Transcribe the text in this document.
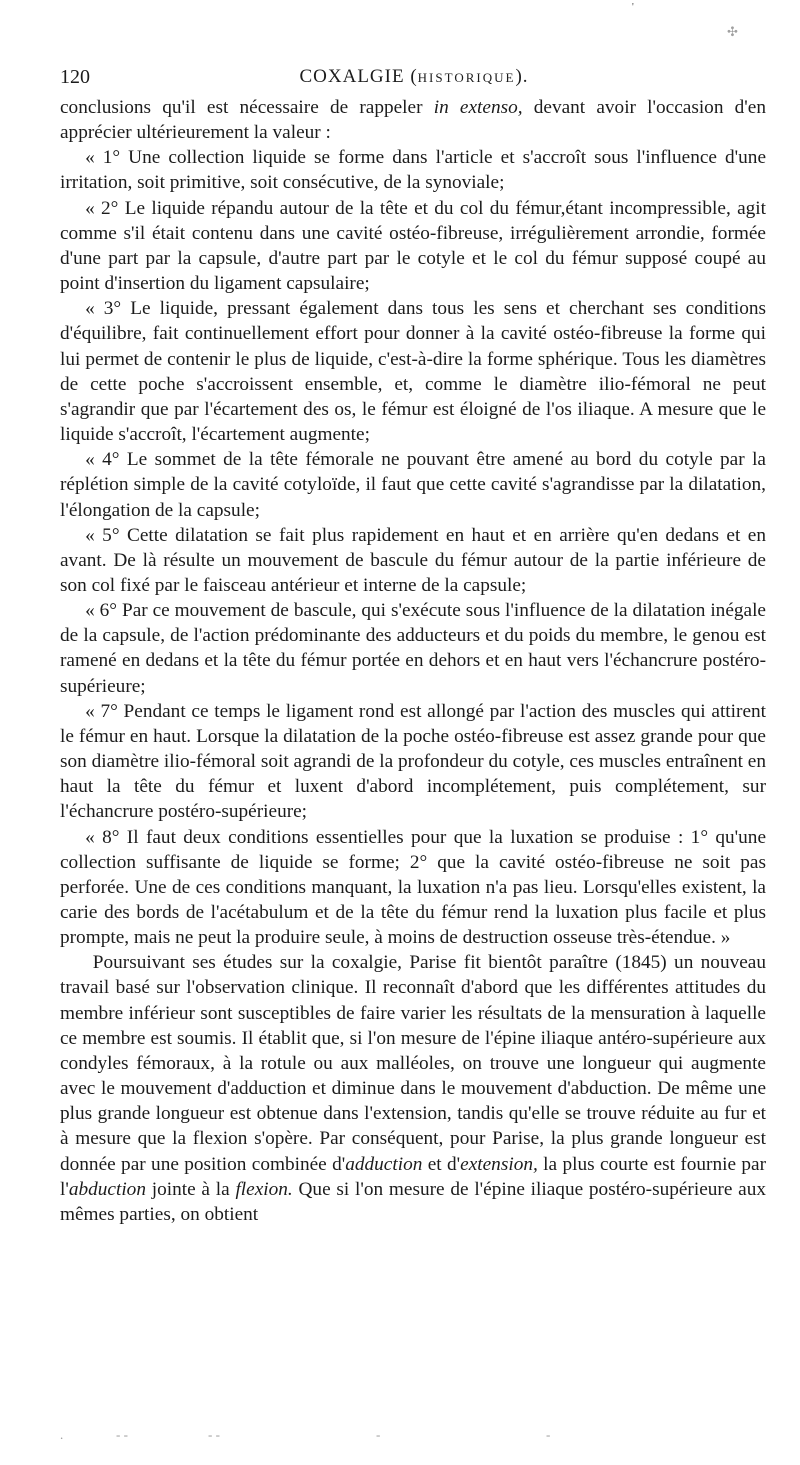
'
✣
120	COXALGIE (HISTORIQUE).

conclusions qu'il est nécessaire de rappeler in extenso, devant avoir l'occasion d'en apprécier ultérieurement la valeur :

« 1° Une collection liquide se forme dans l'article et s'accroît sous l'influence d'une irritation, soit primitive, soit consécutive, de la synoviale;

« 2° Le liquide répandu autour de la tête et du col du fémur,étant incompressible, agit comme s'il était contenu dans une cavité ostéo-fibreuse, irrégulièrement arrondie, formée d'une part par la capsule, d'autre part par le cotyle et le col du fémur supposé coupé au point d'insertion du ligament capsulaire;

« 3° Le liquide, pressant également dans tous les sens et cherchant ses conditions d'équilibre, fait continuellement effort pour donner à la cavité ostéo-fibreuse la forme qui lui permet de contenir le plus de liquide, c'est-à-dire la forme sphérique. Tous les diamètres de cette poche s'accroissent ensemble, et, comme le diamètre ilio-fémoral ne peut s'agrandir que par l'écartement des os, le fémur est éloigné de l'os iliaque. A mesure que le liquide s'accroît, l'écartement augmente;

« 4° Le sommet de la tête fémorale ne pouvant être amené au bord du cotyle par la réplétion simple de la cavité cotyloïde, il faut que cette cavité s'agrandisse par la dilatation, l'élongation de la capsule;

« 5° Cette dilatation se fait plus rapidement en haut et en arrière qu'en dedans et en avant. De là résulte un mouvement de bascule du fémur autour de la partie inférieure de son col fixé par le faisceau antérieur et interne de la capsule;

« 6° Par ce mouvement de bascule, qui s'exécute sous l'influence de la dilatation inégale de la capsule, de l'action prédominante des adducteurs et du poids du membre, le genou est ramené en dedans et la tête du fémur portée en dehors et en haut vers l'échancrure postéro-supérieure;

« 7° Pendant ce temps le ligament rond est allongé par l'action des muscles qui attirent le fémur en haut. Lorsque la dilatation de la poche ostéo-fibreuse est assez grande pour que son diamètre ilio-fémoral soit agrandi de la profondeur du cotyle, ces muscles entraînent en haut la tête du fémur et luxent d'abord incomplétement, puis complétement, sur l'échancrure postéro-supérieure;

« 8° Il faut deux conditions essentielles pour que la luxation se produise : 1° qu'une collection suffisante de liquide se forme; 2° que la cavité ostéo-fibreuse ne soit pas perforée. Une de ces conditions manquant, la luxation n'a pas lieu. Lorsqu'elles existent, la carie des bords de l'acétabulum et de la tête du fémur rend la luxation plus facile et plus prompte, mais ne peut la produire seule, à moins de destruction osseuse très-étendue. »

Poursuivant ses études sur la coxalgie, Parise fit bientôt paraître (1845) un nouveau travail basé sur l'observation clinique. Il reconnaît d'abord que les différentes attitudes du membre inférieur sont susceptibles de faire varier les résultats de la mensuration à laquelle ce membre est soumis. Il établit que, si l'on mesure de l'épine iliaque antéro-supérieure aux condyles fémoraux, à la rotule ou aux malléoles, on trouve une longueur qui augmente avec le mouvement d'adduction et diminue dans le mouvement d'abduction. De même une plus grande longueur est obtenue dans l'extension, tandis qu'elle se trouve réduite au fur et à mesure que la flexion s'opère. Par conséquent, pour Parise, la plus grande longueur est donnée par une position combinée d'adduction et d'extension, la plus courte est fournie par l'abduction jointe à la flexion. Que si l'on mesure de l'épine iliaque postéro-supérieure aux mêmes parties, on obtient

.	- -	- -	-	-
